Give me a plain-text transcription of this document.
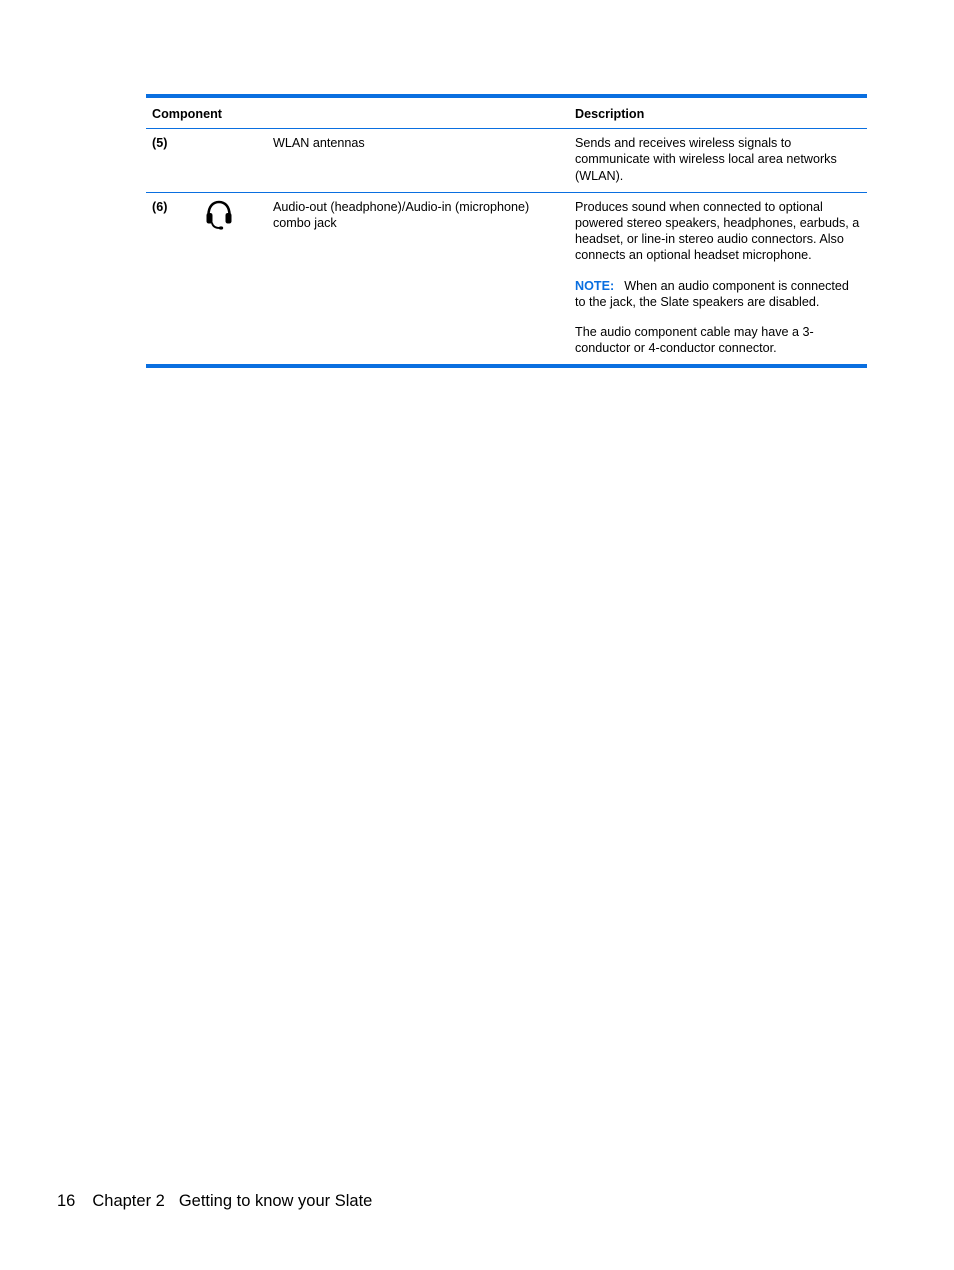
Component			Description
(5)		WLAN antennas	Sends and receives wireless signals to communicate with wireless local area networks (WLAN).

(6)		Audio-out (headphone)/Audio-in (microphone) combo jack	Produces sound when connected to optional powered stereo speakers, headphones, earbuds, a headset, or line-in stereo audio connectors. Also connects an optional headset microphone.

NOTE: When an audio component is connected to the jack, the Slate speakers are disabled.

The audio component cable may have a 3-conductor or 4-conductor connector.

16 Chapter 2 Getting to know your Slate
